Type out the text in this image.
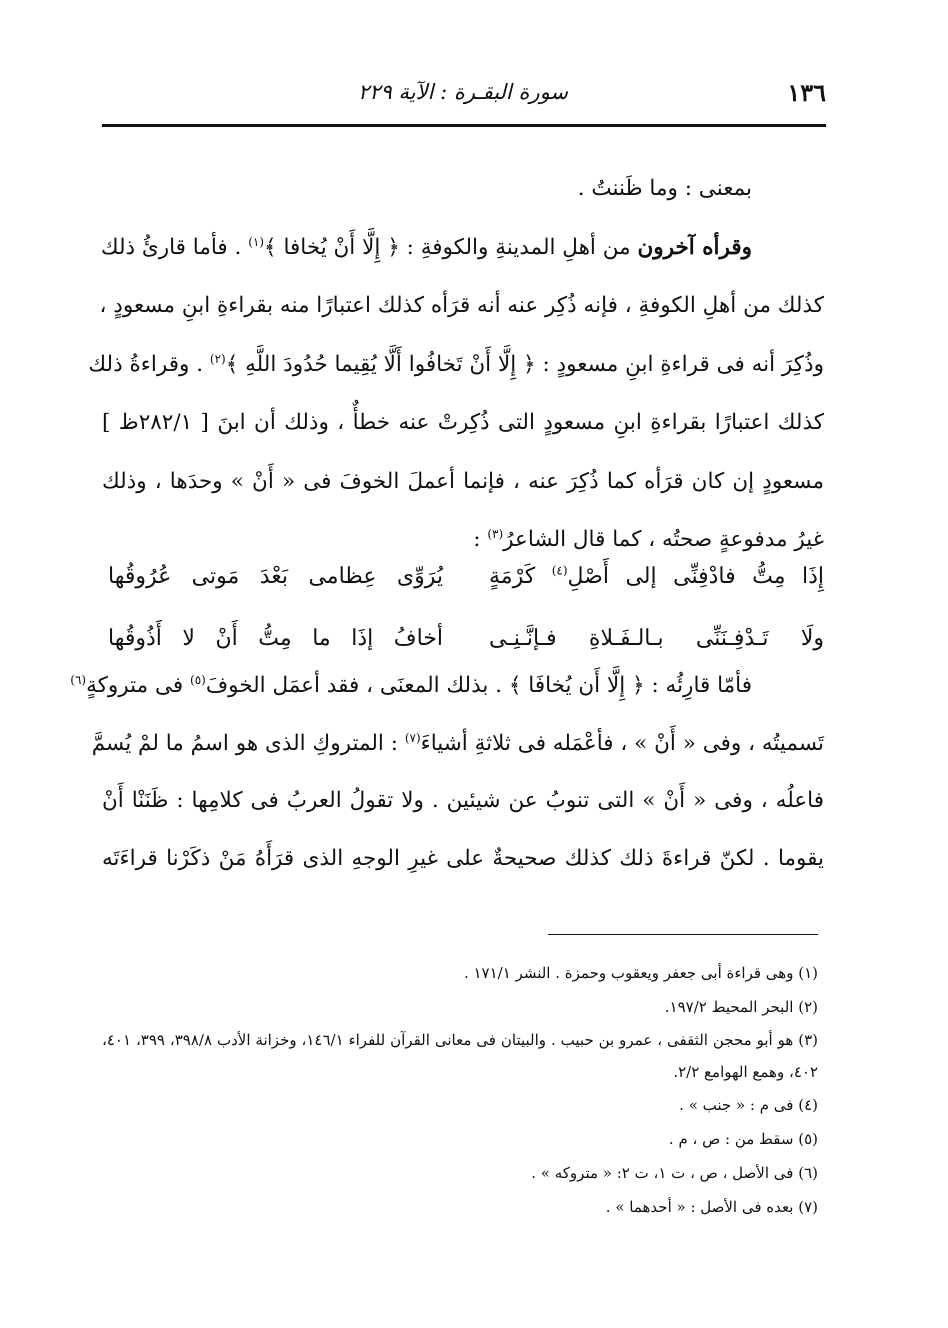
١٣٦
سورة البقـرة : الآية ٢٢٩
بمعنى : وما ظَننتُ .
وقرأه آخرون من أهلِ المدينةِ والكوفةِ : ﴿ إِلَّا أَنْ يُخافا ﴾$^{(١)}$ . فأما قارئُ ذلك
كذلك من أهلِ الكوفةِ ، فإنه ذُكِر عنه أنه قرَأه كذلك اعتبارًا منه بقراءةِ ابنِ مسعودٍ ،
وذُكِرَ أنه فى قراءةِ ابنِ مسعودٍ : ﴿ إِلَّا أَنْ تَخافُوا أَلَّا يُقِيما حُدُودَ اللَّهِ ﴾$^{(٢)}$ . وقراءةُ ذلك
كذلك اعتبارًا بقراءةِ ابنِ مسعودٍ التى ذُكِرتْ عنه خطأٌ ، وذلك أن ابنَ [ ٢٨٢/١ظ ]
مسعودٍ إن كان قرَأه كما ذُكِرَ عنه ، فإنما أعملَ الخوفَ فى « أَنْ » وحدَها ، وذلك
غيرُ مدفوعةٍ صحتُه ، كما قال الشاعرُ$^{(٣)}$ :
إِذَا مِتُّ فادْفِنِّى إلى أَصْلِ$^{(٤)}$ كَرْمَةٍ
يُرَوِّى عِظامى بَعْدَ مَوتى عُرُوقُها
ولَا تَـدْفِـنَنِّى بـالـفَـلاةِ فـإنَّـنِـى
أخافُ إذَا ما مِتُّ أَنْ لا أَذُوقُها
فأمّا قارِئُه : ﴿ إِلَّا أَن يُخافَا ﴾ . بذلك المعنَى ، فقد أعمَل الخوفَ$^{(٥)}$ فى متروكةٍ$^{(٦)}$
تَسميتُه ، وفى « أَنْ » ، فأعْمَله فى ثلاثةِ أشياءَ$^{(٧)}$ : المتروكِ الذى هو اسمُ ما لمْ يُسمَّ
فاعلُه ، وفى « أَنْ » التى تنوبُ عن شيئين . ولا تقولُ العربُ فى كلامِها : ظَنَنْا أَنْ
يقوما . لكنّ قراءةَ ذلك كذلك صحيحةٌ على غيرِ الوجهِ الذى قرَأَهُ مَنْ ذكَرْنا قراءَتَه
(١) وهى قراءة أبى جعفر ويعقوب وحمزة . النشر ١٧١/١ .
(٢) البحر المحيط ١٩٧/٢.
(٣) هو أبو محجن الثقفى ، عمرو بن حبيب . والبيتان فى معانى القرآن للفراء ١٤٦/١، وخزانة الأدب ٣٩٨/٨، ٣٩٩، ٤٠١، ٤٠٢، وهمع الهوامع ٢/٢.
(٤) فى م : « جنب » .
(٥) سقط من : ص ، م .
(٦) فى الأصل ، ص ، ت ١، ت ٢: « متروكه » .
(٧) بعده فى الأصل : « أحدهما » .
